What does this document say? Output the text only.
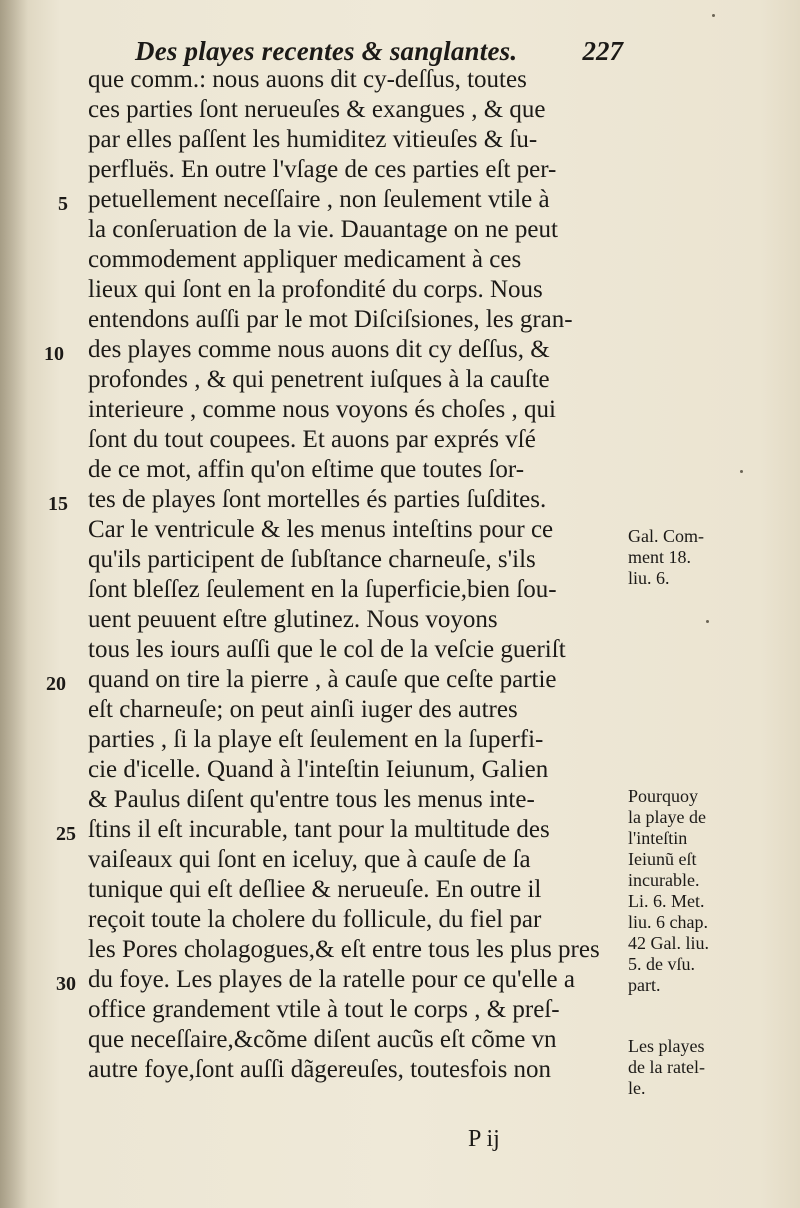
Des playes recentes & sanglantes. 227
que comm.: nous auons dit cy-deſſus, toutes
ces parties ſont nerueuſes & exangues , & que
par elles paſſent les humiditez vitieuſes & ſu-
perfluës. En outre l'vſage de ces parties eſt per-
petuellement neceſſaire , non ſeulement vtile à
la conſeruation de la vie. Dauantage on ne peut
commodement appliquer medicament à ces
lieux qui ſont en la profondité du corps. Nous
entendons auſſi par le mot Diſciſsiones, les gran-
des playes comme nous auons dit cy deſſus, &
profondes , & qui penetrent iuſques à la cauſte
interieure , comme nous voyons és choſes , qui
ſont du tout coupees. Et auons par exprés vſé
de ce mot, affin qu'on eſtime que toutes ſor-
tes de playes ſont mortelles és parties ſuſdites.
Car le ventricule & les menus inteſtins pour ce
qu'ils participent de ſubſtance charneuſe, s'ils
ſont bleſſez ſeulement en la ſuperficie,bien ſou-
uent peuuent eſtre glutinez. Nous voyons
tous les iours auſſi que le col de la veſcie gueriſt
quand on tire la pierre , à cauſe que ceſte partie
eſt charneuſe; on peut ainſi iuger des autres
parties , ſi la playe eſt ſeulement en la ſuperfi-
cie d'icelle. Quand à l'inteſtin Ieiunum, Galien
& Paulus diſent qu'entre tous les menus inte-
ſtins il eſt incurable, tant pour la multitude des
vaiſeaux qui ſont en iceluy, que à cauſe de ſa
tunique qui eſt deſliee & nerueuſe. En outre il
reçoit toute la cholere du follicule, du fiel par
les Pores cholagogues,& eſt entre tous les plus pres
du foye. Les playes de la ratelle pour ce qu'elle a
office grandement vtile à tout le corps , & preſ-
que neceſſaire,&cõme diſent aucũs eſt cõme vn
autre foye,ſont auſſi dãgereuſes, toutesfois non
5
10
15
20
25
30
Gal. Com-
ment 18.
liu. 6.
Pourquoy
la playe de
l'inteſtin
Ieiunũ eſt
incurable.
Li. 6. Met.
liu. 6 chap.
42 Gal. liu.
5. de vſu.
part.
Les playes
de la ratel-
le.
P ij
